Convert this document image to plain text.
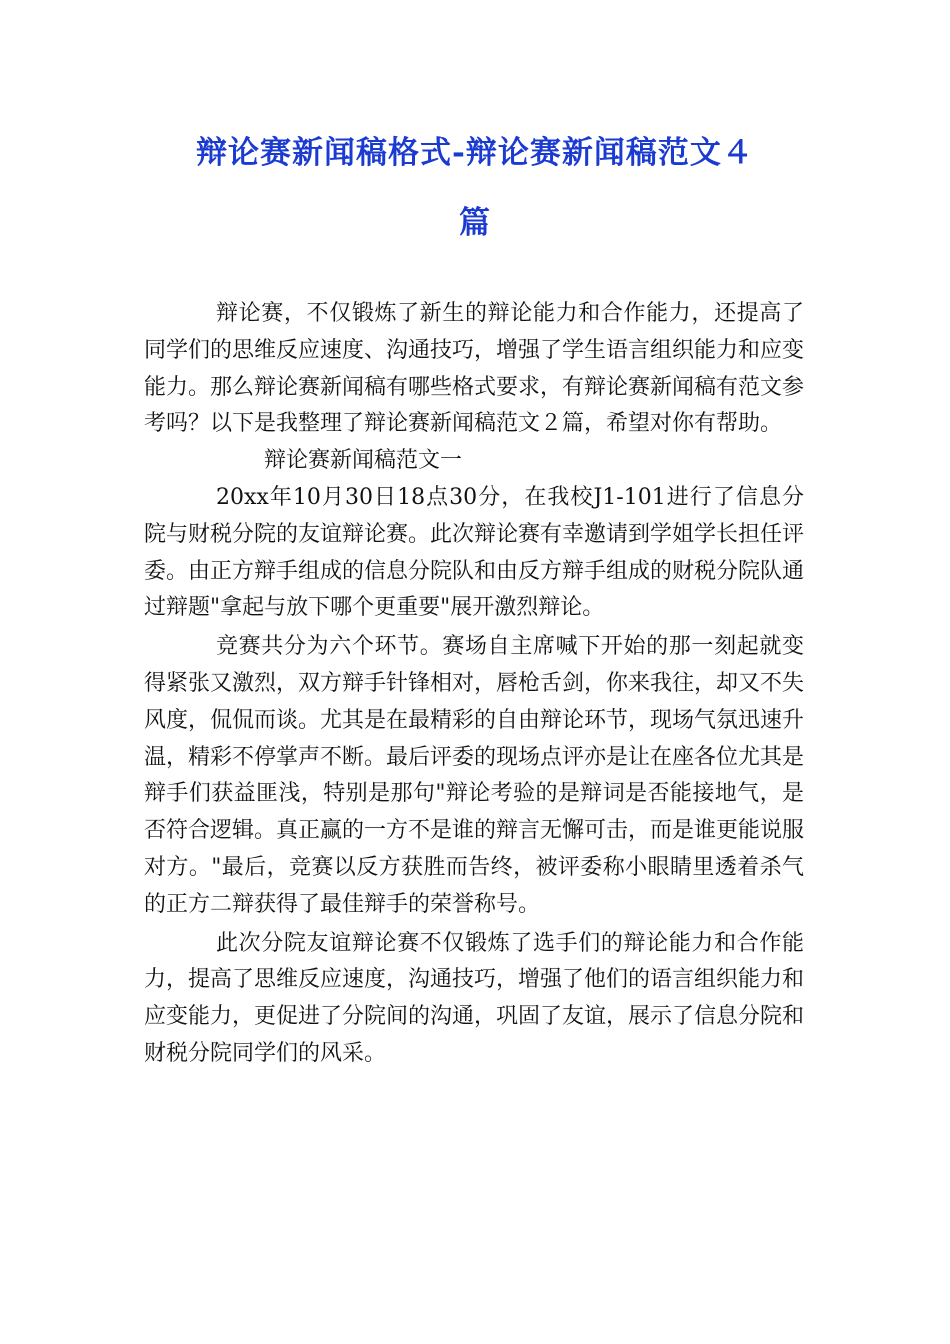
辩论赛新闻稿格式-辩论赛新闻稿范文４
篇

辩论赛，不仅锻炼了新生的辩论能力和合作能力，还提高了同学们的思维反应速度、沟通技巧，增强了学生语言组织能力和应变能力。那么辩论赛新闻稿有哪些格式要求，有辩论赛新闻稿有范文参考吗？以下是我整理了辩论赛新闻稿范文２篇，希望对你有帮助。

辩论赛新闻稿范文一

20xx年10月30日18点30分，在我校J1-101进行了信息分院与财税分院的友谊辩论赛。此次辩论赛有幸邀请到学姐学长担任评委。由正方辩手组成的信息分院队和由反方辩手组成的财税分院队通过辩题"拿起与放下哪个更重要"展开激烈辩论。

竞赛共分为六个环节。赛场自主席喊下开始的那一刻起就变得紧张又激烈，双方辩手针锋相对，唇枪舌剑，你来我往，却又不失风度，侃侃而谈。尤其是在最精彩的自由辩论环节，现场气氛迅速升温，精彩不停掌声不断。最后评委的现场点评亦是让在座各位尤其是辩手们获益匪浅，特别是那句"辩论考验的是辩词是否能接地气，是否符合逻辑。真正赢的一方不是谁的辩言无懈可击，而是谁更能说服对方。"最后，竞赛以反方获胜而告终，被评委称小眼睛里透着杀气的正方二辩获得了最佳辩手的荣誉称号。

此次分院友谊辩论赛不仅锻炼了选手们的辩论能力和合作能力，提高了思维反应速度，沟通技巧，增强了他们的语言组织能力和应变能力，更促进了分院间的沟通，巩固了友谊，展示了信息分院和财税分院同学们的风采。
